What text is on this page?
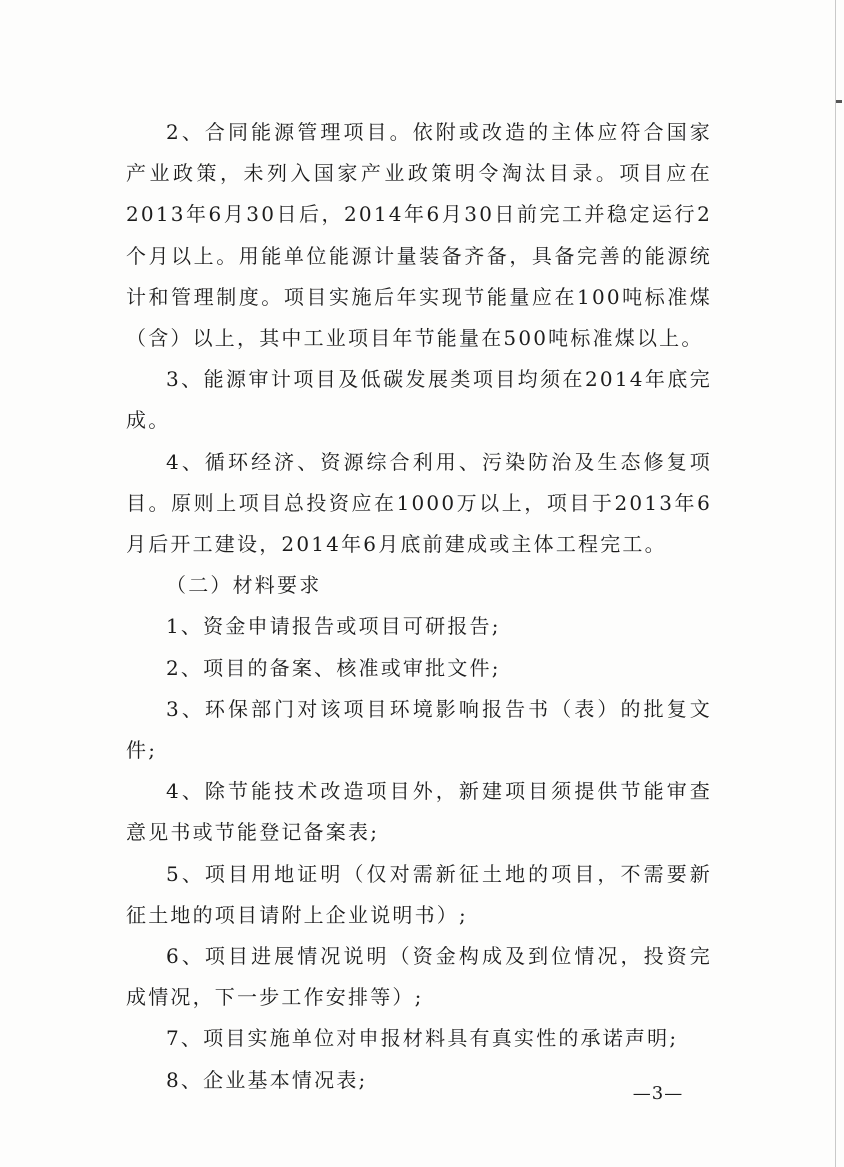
2、合同能源管理项目。依附或改造的主体应符合国家产业政策，未列入国家产业政策明令淘汰目录。项目应在2013年6月30日后，2014年6月30日前完工并稳定运行2个月以上。用能单位能源计量装备齐备，具备完善的能源统计和管理制度。项目实施后年实现节能量应在100吨标准煤（含）以上，其中工业项目年节能量在500吨标准煤以上。

3、能源审计项目及低碳发展类项目均须在2014年底完成。

4、循环经济、资源综合利用、污染防治及生态修复项目。原则上项目总投资应在1000万以上，项目于2013年6月后开工建设，2014年6月底前建成或主体工程完工。

（二）材料要求

1、资金申请报告或项目可研报告;

2、项目的备案、核准或审批文件;

3、环保部门对该项目环境影响报告书（表）的批复文件;

4、除节能技术改造项目外，新建项目须提供节能审查意见书或节能登记备案表;

5、项目用地证明（仅对需新征土地的项目，不需要新征土地的项目请附上企业说明书）;

6、项目进展情况说明（资金构成及到位情况，投资完成情况，下一步工作安排等）;

7、项目实施单位对申报材料具有真实性的承诺声明;

8、企业基本情况表;

—3—
